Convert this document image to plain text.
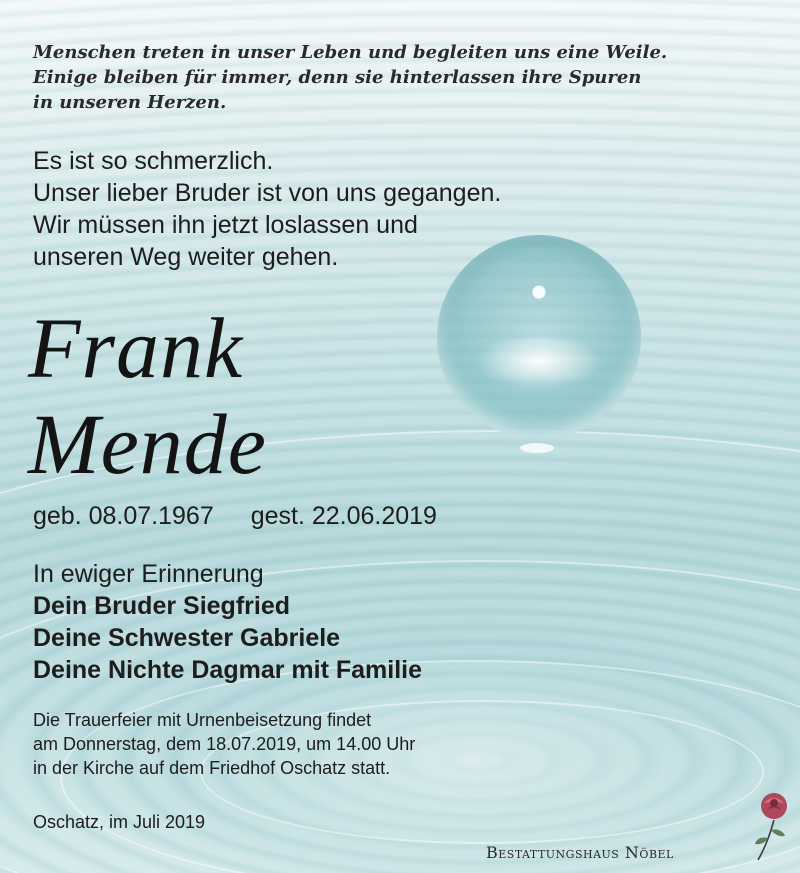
Menschen treten in unser Leben und begleiten uns eine Weile.
Einige bleiben für immer, denn sie hinterlassen ihre Spuren
in unseren Herzen.
Es ist so schmerzlich.
Unser lieber Bruder ist von uns gegangen.
Wir müssen ihn jetzt loslassen und
unseren Weg weiter gehen.
Frank
Mende
geb. 08.07.1967 gest. 22.06.2019
In ewiger Erinnerung
Dein Bruder Siegfried
Deine Schwester Gabriele
Deine Nichte Dagmar mit Familie
Die Trauerfeier mit Urnenbeisetzung findet
am Donnerstag, dem 18.07.2019, um 14.00 Uhr
in der Kirche auf dem Friedhof Oschatz statt.
Oschatz, im Juli 2019
Bestattungshaus Nöbel
